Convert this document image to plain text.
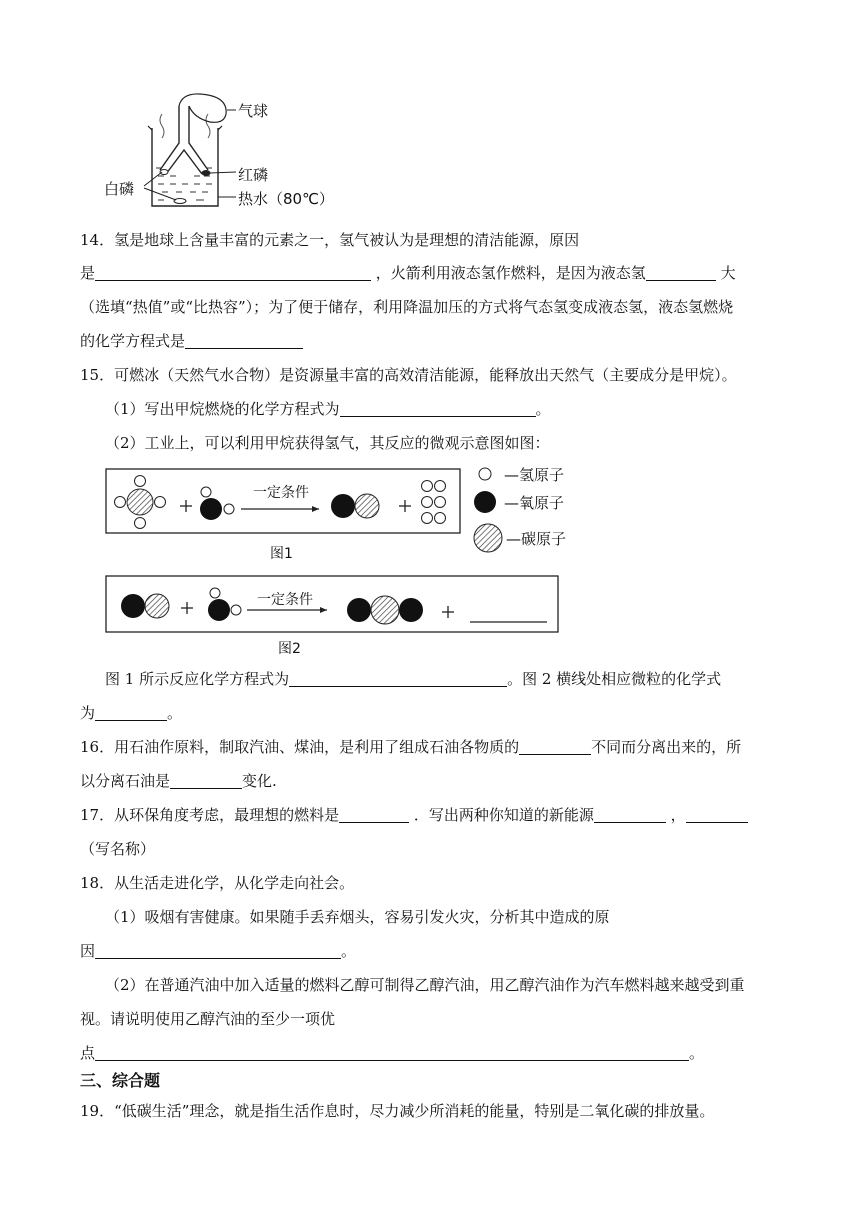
气球
红磷
白磷
热水（80℃）
14．氢是地球上含量丰富的元素之一，氢气被认为是理想的清洁能源，原因
是	，火箭利用液态氢作燃料，是因为液态氢	大
（选填“热值”或“比热容”）；为了便于储存，利用降温加压的方式将气态氢变成液态氢，液态氢燃烧
的化学方程式是
15．可燃冰（天然气水合物）是资源量丰富的高效清洁能源，能释放出天然气（主要成分是甲烷）。
（1）写出甲烷燃烧的化学方程式为	。
（2）工业上，可以利用甲烷获得氢气，其反应的微观示意图如图：
一定条件
图1
—氢原子
—氧原子
—碳原子
一定条件
图2
图 1 所示反应化学方程式为	。图 2 横线处相应微粒的化学式
为	。
16．用石油作原料，制取汽油、煤油，是利用了组成石油各物质的	不同而分离出来的，所
以分离石油是	变化.
17．从环保角度考虑，最理想的燃料是	．写出两种你知道的新能源	，
（写名称）
18．从生活走进化学，从化学走向社会。
（1）吸烟有害健康。如果随手丢弃烟头，容易引发火灾，分析其中造成的原
因	。
（2）在普通汽油中加入适量的燃料乙醇可制得乙醇汽油，用乙醇汽油作为汽车燃料越来越受到重
视。请说明使用乙醇汽油的至少一项优
点	。
三、综合题
19．“低碳生活”理念，就是指生活作息时，尽力减少所消耗的能量，特别是二氧化碳的排放量。
